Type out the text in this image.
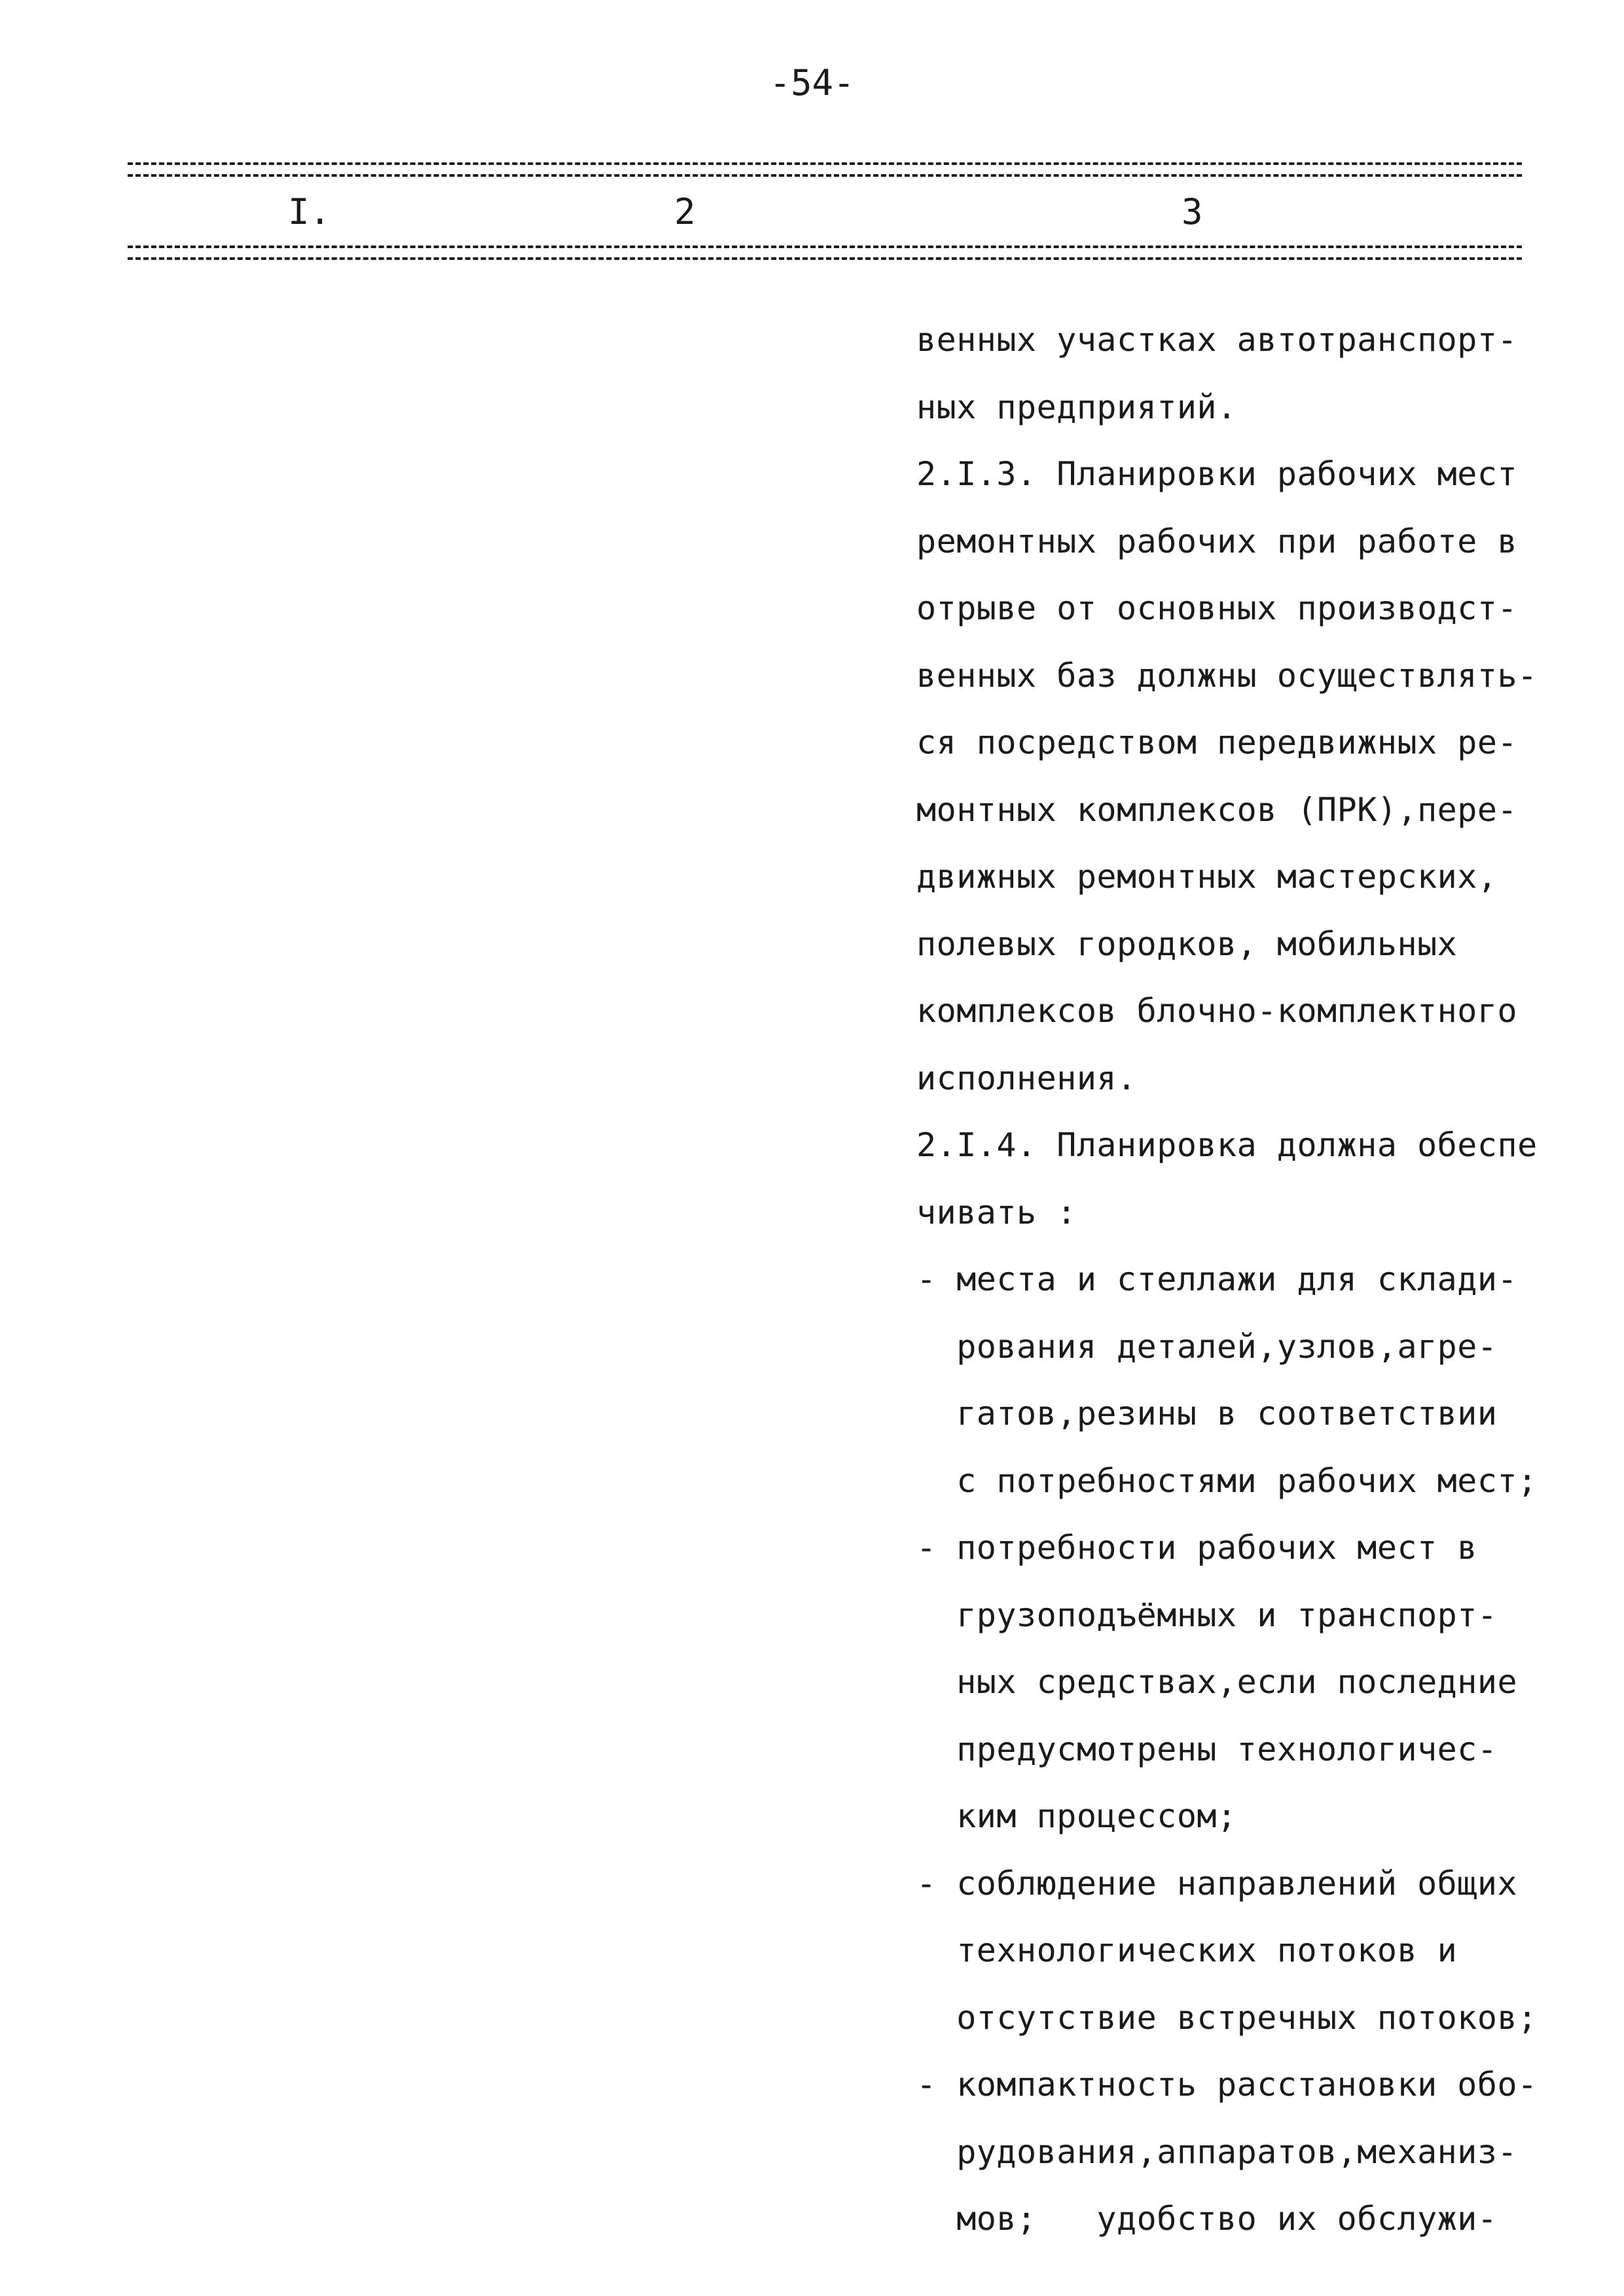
-54-
I.	2	3
венных участках автотранспорт-
ных предприятий.
2.I.3. Планировки рабочих мест
ремонтных рабочих при работе в
отрыве от основных производст-
венных баз должны осуществлять-
ся посредством передвижных ре-
монтных комплексов (ПРК),пере-
движных ремонтных мастерских,
полевых городков, мобильных
комплексов блочно-комплектного
исполнения.
2.I.4. Планировка должна обеспе
чивать :
- места и стеллажи для склади-
рования деталей,узлов,агре-
гатов,резины в соответствии
с потребностями рабочих мест;
- потребности рабочих мест в
грузоподъёмных и транспорт-
ных средствах,если последние
предусмотрены технологичес-
ким процессом;
- соблюдение направлений общих
технологических потоков и
отсутствие встречных потоков;
- компактность расстановки обо-
рудования,аппаратов,механиз-
мов;   удобство их обслужи-
